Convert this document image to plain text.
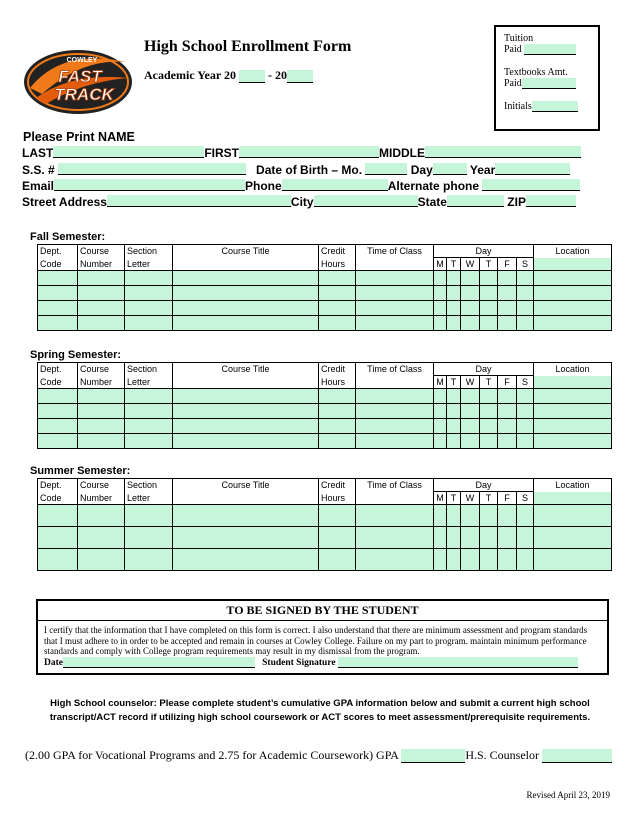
COWLEY
FAST
TRACK
High School Enrollment Form
Academic Year 20	- 20
Tuition
Paid
Textbooks Amt.
Paid
Initials
Please Print NAME
LAST	FIRST	MIDDLE
S.S. #	Date of Birth – Mo.	Day	Year
Email	Phone	Alternate phone
Street Address	City	State	ZIP
Fall Semester:
Dept.	Course	Section	Course Title	Credit	Time of Class	Day						Location
Code	Number	Letter		Hours		M	T	W	T	F	S	

Spring Semester:
Dept.	Course	Section	Course Title	Credit	Time of Class	Day						Location
Code	Number	Letter		Hours		M	T	W	T	F	S	

Summer Semester:
Dept.	Course	Section	Course Title	Credit	Time of Class	Day						Location
Code	Number	Letter		Hours		M	T	W	T	F	S	

TO BE SIGNED BY THE STUDENT
I certify that the information that I have completed on this form is correct. I also understand that there are minimum assessment and program standards that I must adhere to in order to be accepted and remain in courses at Cowley College. Failure on my part to program. maintain minimum performance standards and comply with College program requirements may result in my dismissal from the program.
Date	Student Signature
High School counselor: Please complete student’s cumulative GPA information below and submit a current high school transcript/ACT record if utilizing high school coursework or ACT scores to meet assessment/prerequisite requirements.
(2.00 GPA for Vocational Programs and 2.75 for Academic Coursework) GPA	H.S. Counselor
Revised April 23, 2019
